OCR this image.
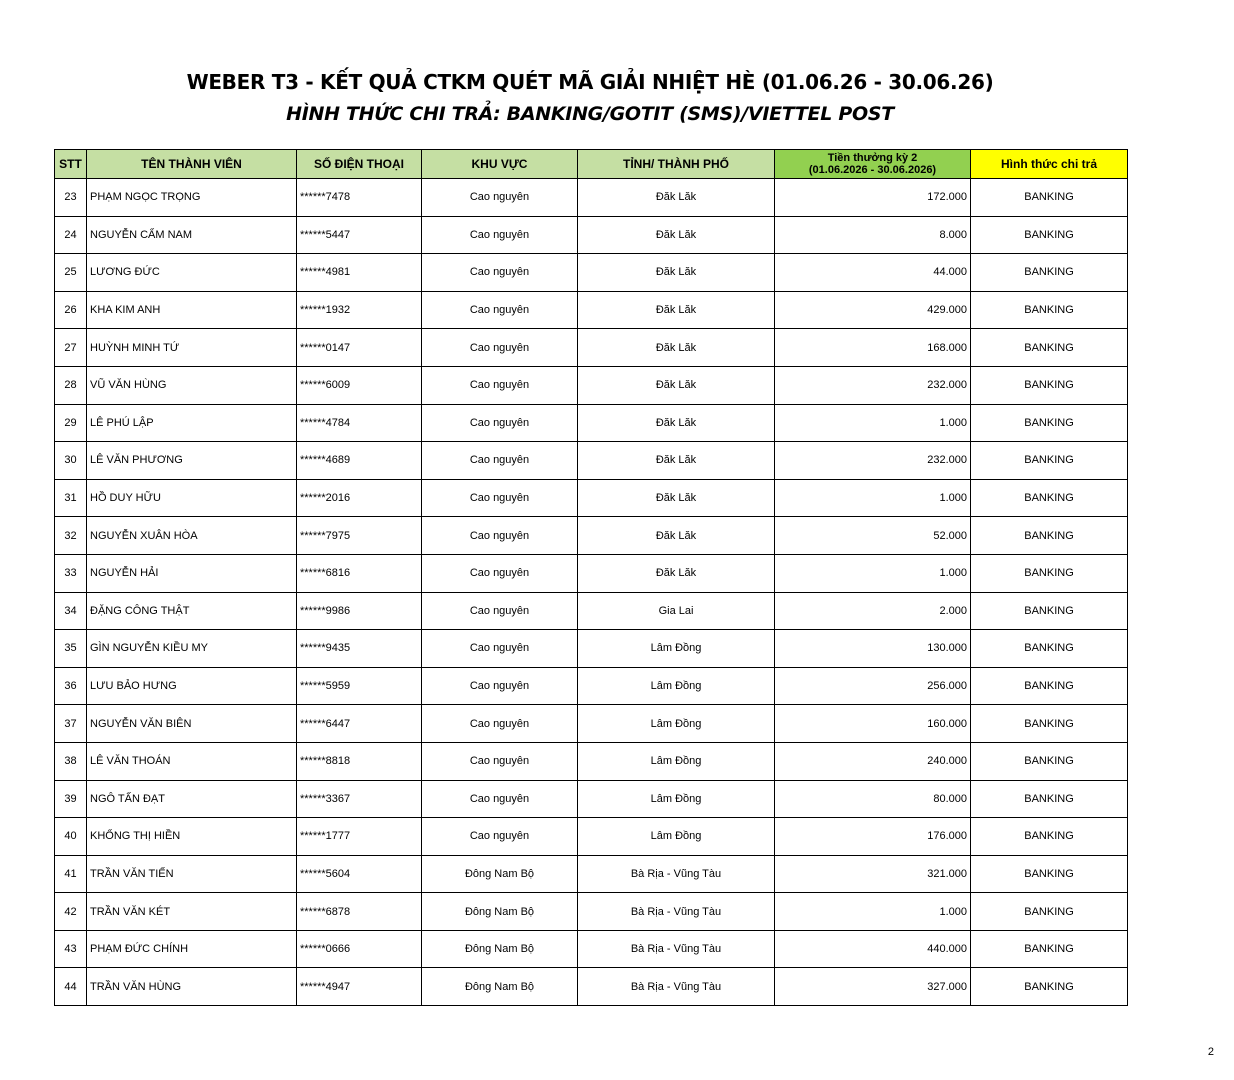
WEBER T3 - KẾT QUẢ CTKM QUÉT MÃ GIẢI NHIỆT HÈ (01.06.26 - 30.06.26)
HÌNH THỨC CHI TRẢ: BANKING/GOTIT (SMS)/VIETTEL POST
STT	TÊN THÀNH VIÊN	SỐ ĐIỆN THOẠI	KHU VỰC	TỈNH/ THÀNH PHỐ	Tiền thưởng kỳ 2
(01.06.2026 - 30.06.2026)	Hình thức chi trả
23	PHẠM NGỌC TRỌNG	******7478	Cao nguyên	Đăk Lăk	172.000	BANKING
24	NGUYỄN CẨM NAM	******5447	Cao nguyên	Đăk Lăk	8.000	BANKING
25	LƯƠNG ĐỨC	******4981	Cao nguyên	Đăk Lăk	44.000	BANKING
26	KHA KIM ANH	******1932	Cao nguyên	Đăk Lăk	429.000	BANKING
27	HUỲNH MINH TỨ	******0147	Cao nguyên	Đăk Lăk	168.000	BANKING
28	VŨ VĂN HÙNG	******6009	Cao nguyên	Đăk Lăk	232.000	BANKING
29	LÊ PHÚ LẬP	******4784	Cao nguyên	Đăk Lăk	1.000	BANKING
30	LÊ VĂN PHƯƠNG	******4689	Cao nguyên	Đăk Lăk	232.000	BANKING
31	HỒ DUY HỮU	******2016	Cao nguyên	Đăk Lăk	1.000	BANKING
32	NGUYỄN XUÂN HÒA	******7975	Cao nguyên	Đăk Lăk	52.000	BANKING
33	NGUYỄN HẢI	******6816	Cao nguyên	Đăk Lăk	1.000	BANKING
34	ĐẶNG CÔNG THẬT	******9986	Cao nguyên	Gia Lai	2.000	BANKING
35	GÌN NGUYỄN KIỀU MY	******9435	Cao nguyên	Lâm Đồng	130.000	BANKING
36	LƯU BẢO HƯNG	******5959	Cao nguyên	Lâm Đồng	256.000	BANKING
37	NGUYỄN VĂN BIÊN	******6447	Cao nguyên	Lâm Đồng	160.000	BANKING
38	LÊ VĂN THOÁN	******8818	Cao nguyên	Lâm Đồng	240.000	BANKING
39	NGÔ TẤN ĐẠT	******3367	Cao nguyên	Lâm Đồng	80.000	BANKING
40	KHỔNG THỊ HIỀN	******1777	Cao nguyên	Lâm Đồng	176.000	BANKING
41	TRẦN VĂN TIẾN	******5604	Đông Nam Bộ	Bà Rịa - Vũng Tàu	321.000	BANKING
42	TRẦN VĂN KÉT	******6878	Đông Nam Bộ	Bà Rịa - Vũng Tàu	1.000	BANKING
43	PHẠM ĐỨC CHÍNH	******0666	Đông Nam Bộ	Bà Rịa - Vũng Tàu	440.000	BANKING
44	TRẦN VĂN HÙNG	******4947	Đông Nam Bộ	Bà Rịa - Vũng Tàu	327.000	BANKING
2
